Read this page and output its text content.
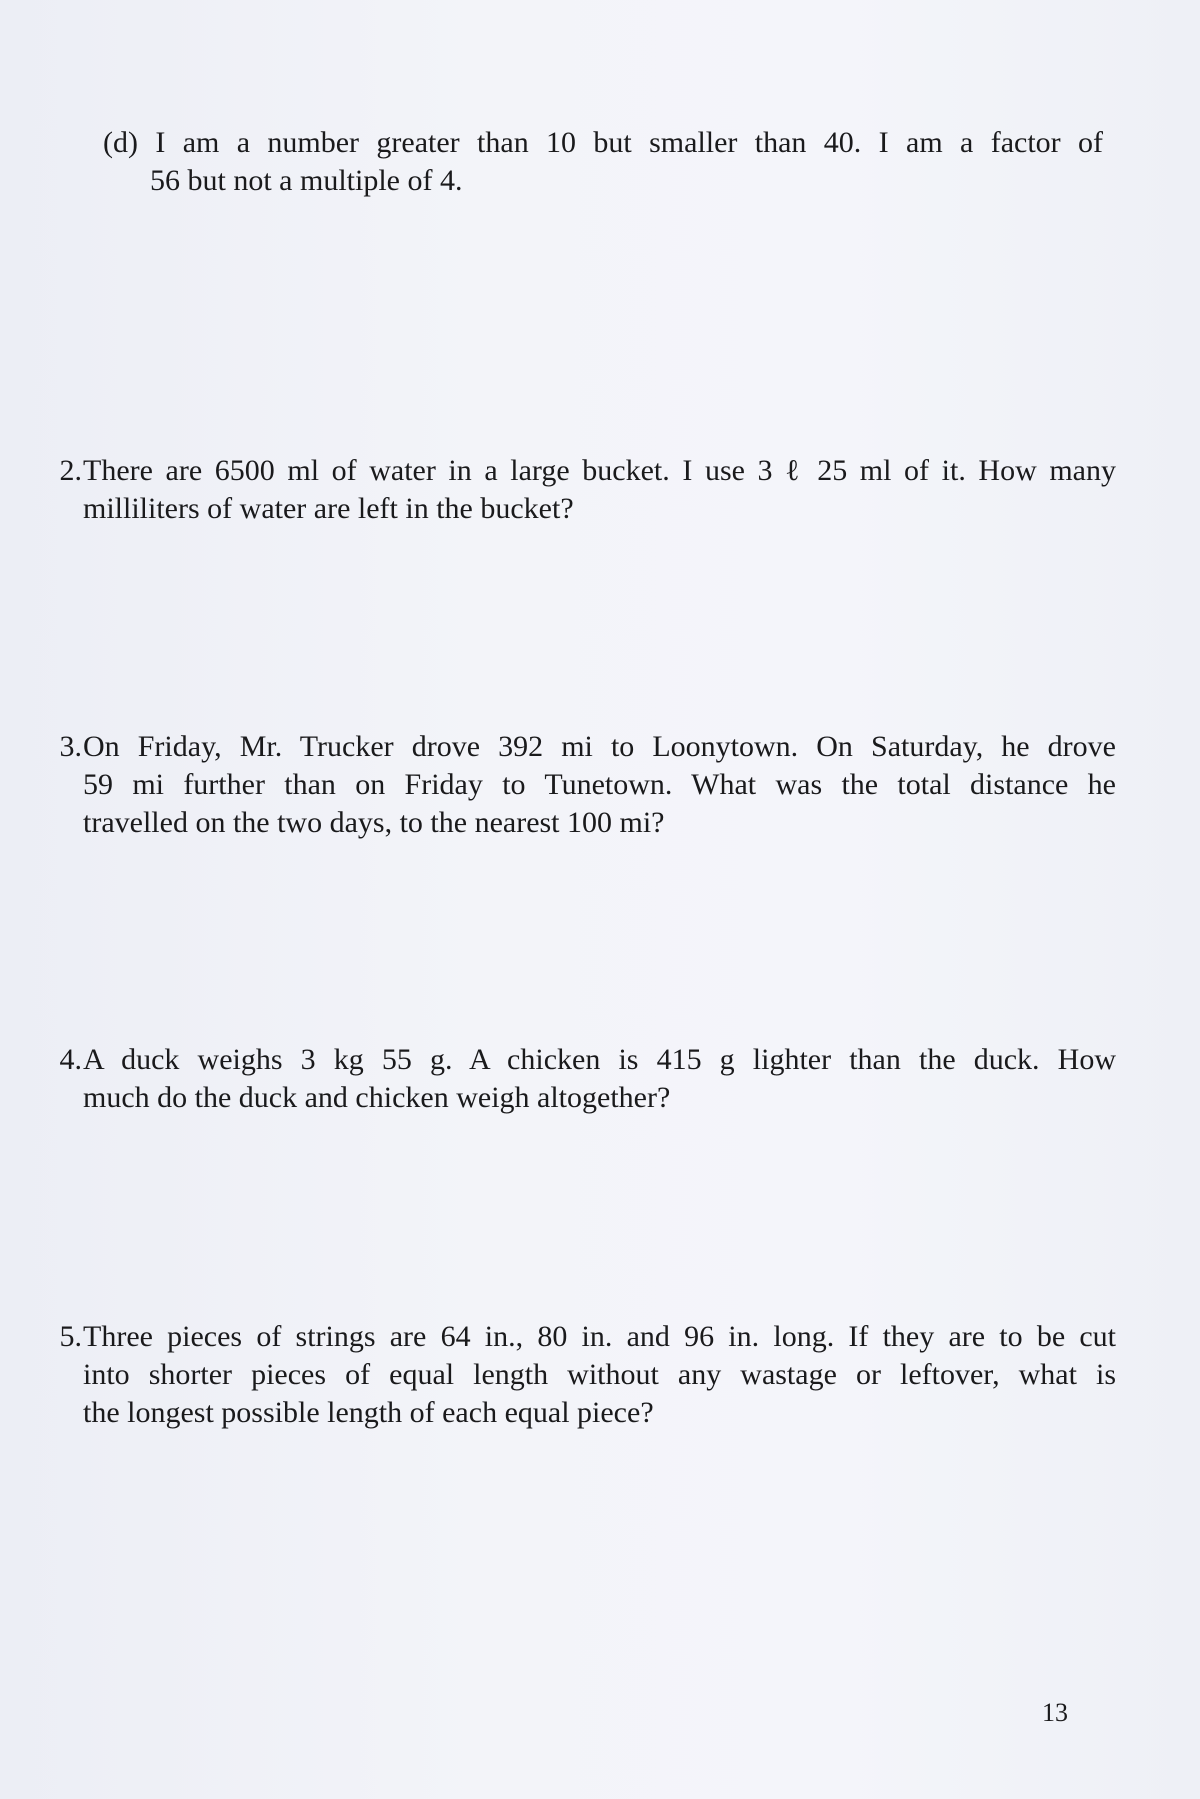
(d) I am a number greater than 10 but smaller than 40. I am a factor of
56 but not a multiple of 4.
2. There are 6500 ml of water in a large bucket. I use 3 ℓ 25 ml of it. How many
milliliters of water are left in the bucket?
3. On Friday, Mr. Trucker drove 392 mi to Loonytown. On Saturday, he drove
59 mi further than on Friday to Tunetown. What was the total distance he
travelled on the two days, to the nearest 100 mi?
4. A duck weighs 3 kg 55 g. A chicken is 415 g lighter than the duck. How
much do the duck and chicken weigh altogether?
5. Three pieces of strings are 64 in., 80 in. and 96 in. long. If they are to be cut
into shorter pieces of equal length without any wastage or leftover, what is
the longest possible length of each equal piece?
13
